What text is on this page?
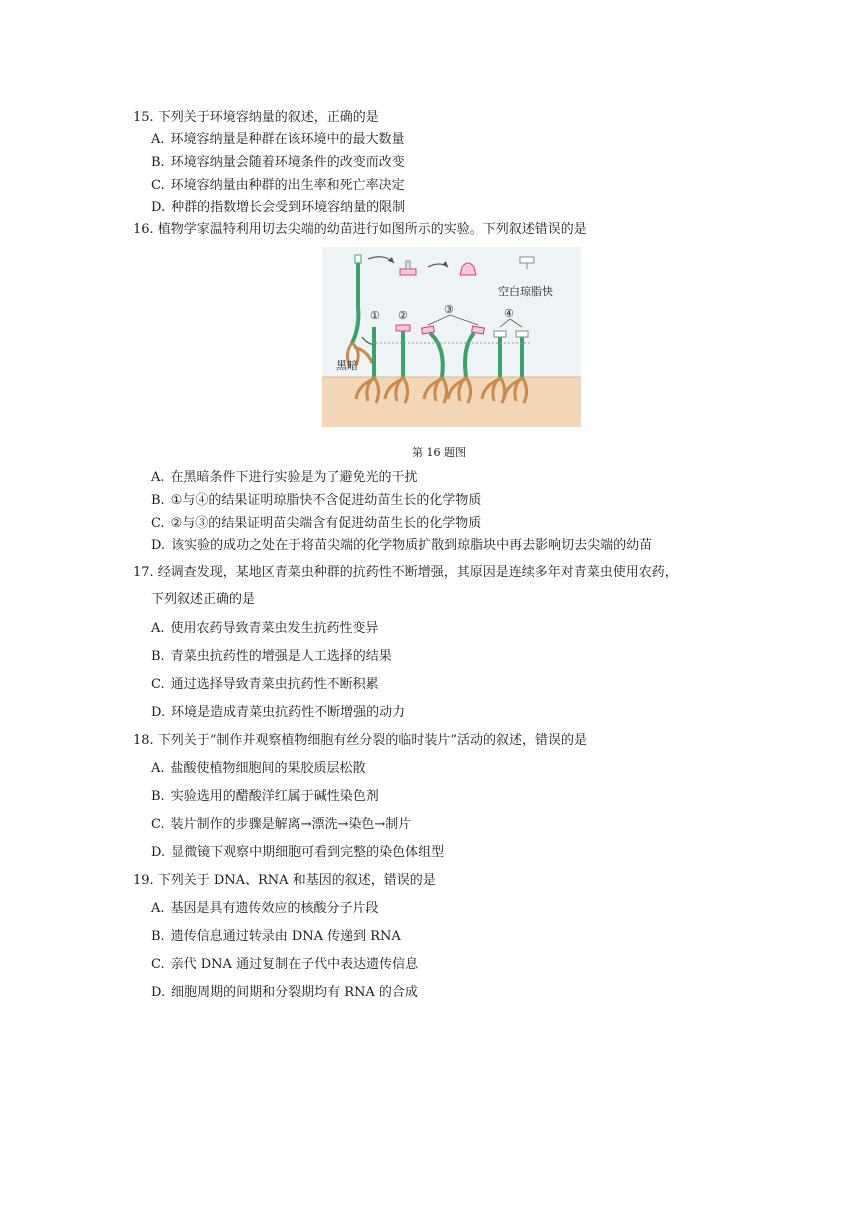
15. 下列关于环境容纳量的叙述，正确的是
A. 环境容纳量是种群在该环境中的最大数量
B. 环境容纳量会随着环境条件的改变而改变
C. 环境容纳量由种群的出生率和死亡率决定
D. 种群的指数增长会受到环境容纳量的限制
16. 植物学家温特利用切去尖端的幼苗进行如图所示的实验。下列叙述错误的是
空白琼脂快
黑暗
① ②	③	④
第 16 题图
A. 在黑暗条件下进行实验是为了避免光的干扰
B. ①与④的结果证明琼脂快不含促进幼苗生长的化学物质
C. ②与③的结果证明苗尖端含有促进幼苗生长的化学物质
D. 该实验的成功之处在于将苗尖端的化学物质扩散到琼脂块中再去影响切去尖端的幼苗
17. 经调查发现，某地区青菜虫种群的抗药性不断增强，其原因是连续多年对青菜虫使用农药，
下列叙述正确的是
A. 使用农药导致青菜虫发生抗药性变异
B. 青菜虫抗药性的增强是人工选择的结果
C. 通过选择导致青菜虫抗药性不断积累
D. 环境是造成青菜虫抗药性不断增强的动力
18. 下列关于“制作并观察植物细胞有丝分裂的临时装片”活动的叙述，错误的是
A. 盐酸使植物细胞间的果胶质层松散
B. 实验选用的醋酸洋红属于碱性染色剂
C. 装片制作的步骤是解离→漂洗→染色→制片
D. 显微镜下观察中期细胞可看到完整的染色体组型
19. 下列关于 DNA、RNA 和基因的叙述，错误的是
A. 基因是具有遗传效应的核酸分子片段
B. 遗传信息通过转录由 DNA 传递到 RNA
C. 亲代 DNA 通过复制在子代中表达遗传信息
D. 细胞周期的间期和分裂期均有 RNA 的合成
